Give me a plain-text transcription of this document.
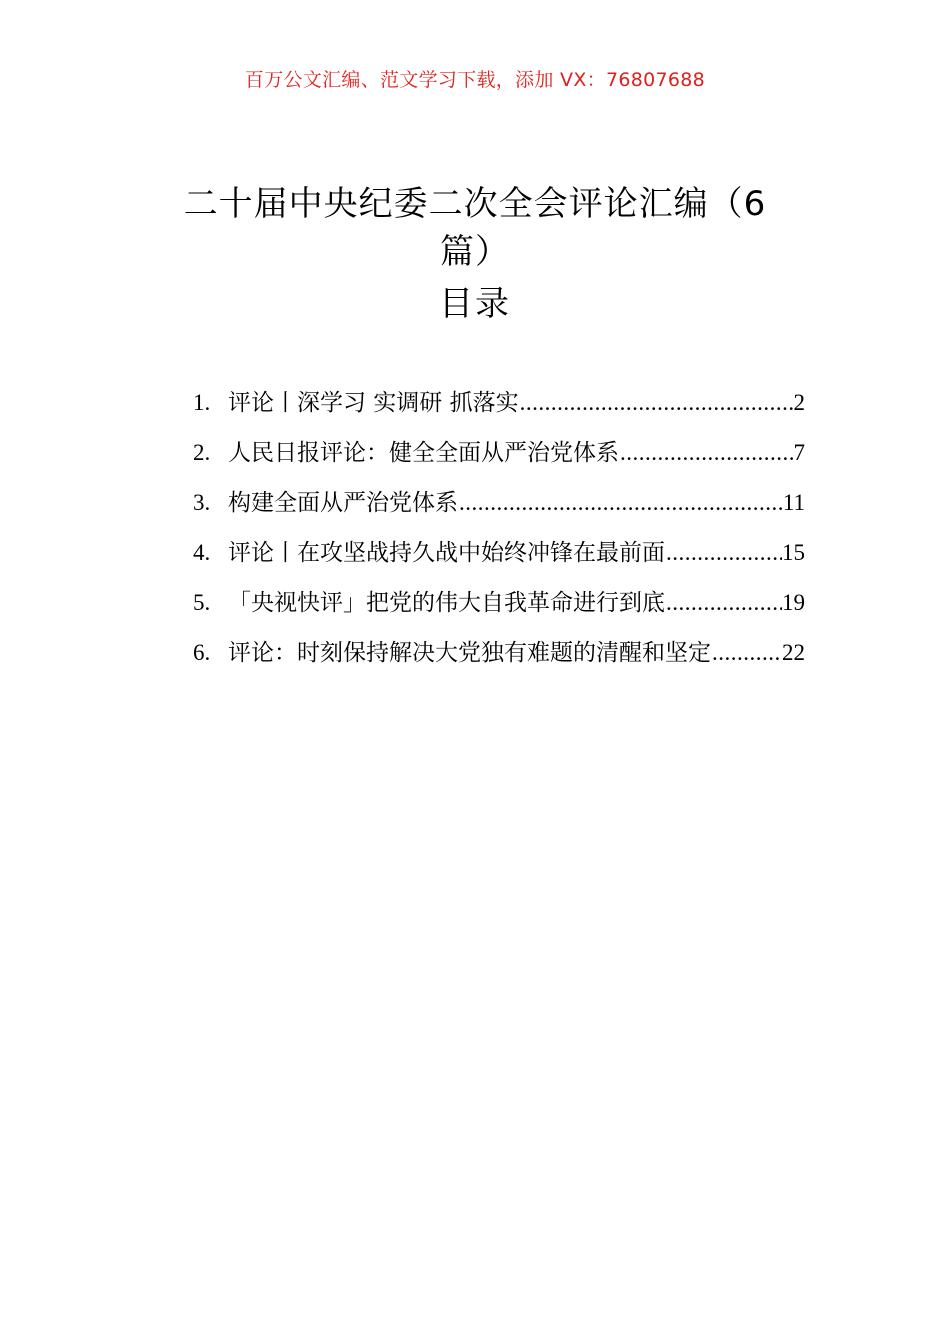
百万公文汇编、范文学习下载，添加 VX：76807688
二十届中央纪委二次全会评论汇编（6篇）
目录
1. 评论丨深学习 实调研 抓落实 .....	2
2. 人民日报评论：健全全面从严治党体系 .....	7
3. 构建全面从严治党体系 .....	11
4. 评论丨在攻坚战持久战中始终冲锋在最前面 .....	15
5. 「央视快评」把党的伟大自我革命进行到底 .....	19
6. 评论：时刻保持解决大党独有难题的清醒和坚定 .....	22
